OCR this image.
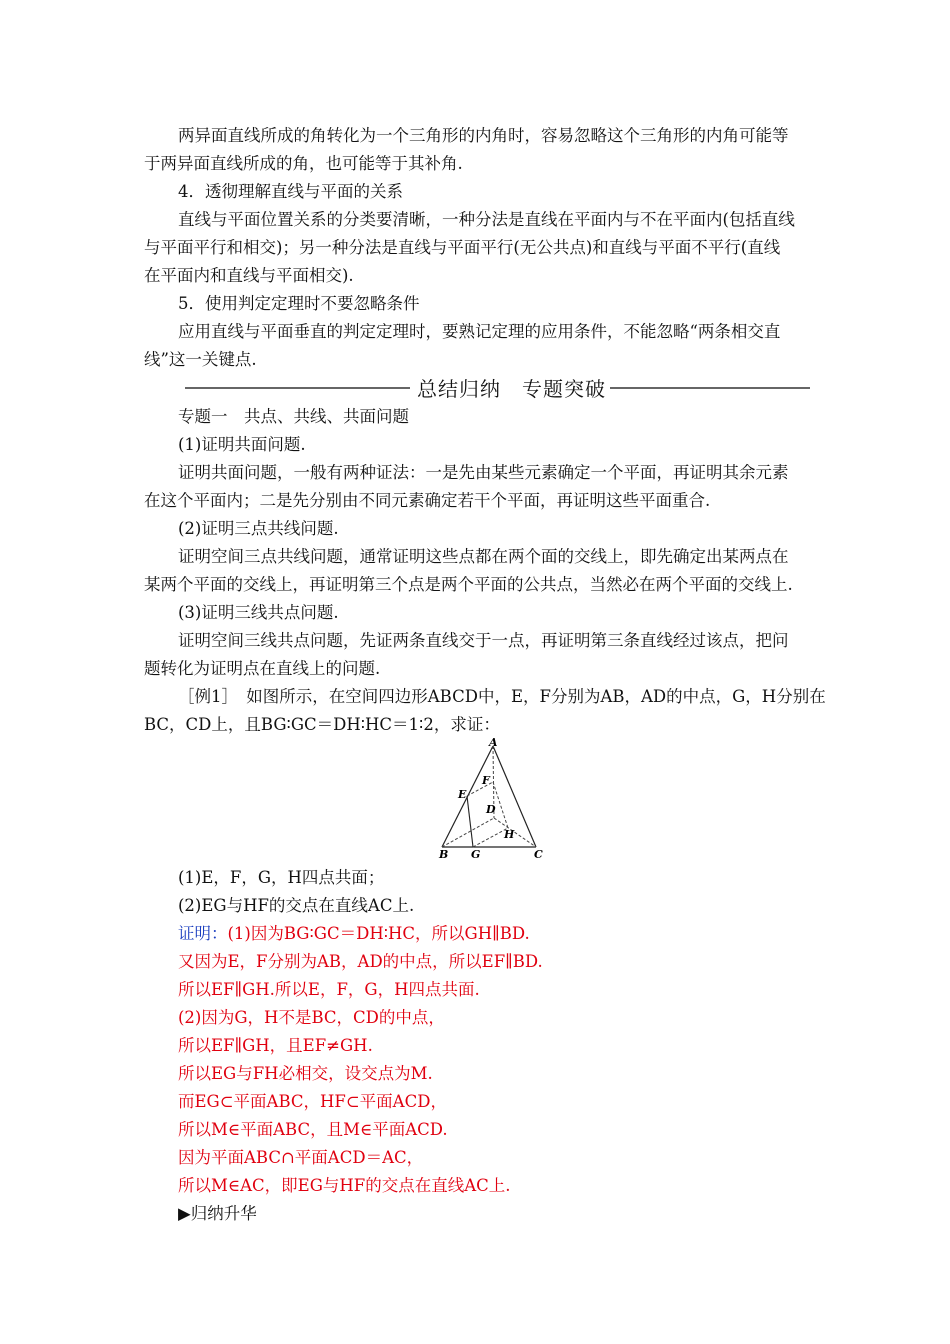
两异面直线所成的角转化为一个三角形的内角时，容易忽略这个三角形的内角可能等
于两异面直线所成的角，也可能等于其补角.
4．透彻理解直线与平面的关系
直线与平面位置关系的分类要清晰，一种分法是直线在平面内与不在平面内(包括直线
与平面平行和相交)；另一种分法是直线与平面平行(无公共点)和直线与平面不平行(直线
在平面内和直线与平面相交).
5．使用判定定理时不要忽略条件
应用直线与平面垂直的判定定理时，要熟记定理的应用条件，不能忽略“两条相交直
线”这一关键点.
总结归纳　专题突破
专题一　共点、共线、共面问题
(1)证明共面问题.
证明共面问题，一般有两种证法：一是先由某些元素确定一个平面，再证明其余元素
在这个平面内；二是先分别由不同元素确定若干个平面，再证明这些平面重合.
(2)证明三点共线问题.
证明空间三点共线问题，通常证明这些点都在两个面的交线上，即先确定出某两点在
某两个平面的交线上，再证明第三个点是两个平面的公共点，当然必在两个平面的交线上.
(3)证明三线共点问题.
证明空间三线共点问题，先证两条直线交于一点，再证明第三条直线经过该点，把问
题转化为证明点在直线上的问题.
［例1］　如图所示，在空间四边形ABCD中，E，F分别为AB，AD的中点，G，H分别在
BC，CD上，且BG∶GC＝DH∶HC＝1∶2，求证：
A
B	C
D
E
F
G
H
(1)E，F，G，H四点共面；
(2)EG与HF的交点在直线AC上.
证明：(1)因为BG∶GC＝DH∶HC，所以GH∥BD.
又因为E，F分别为AB，AD的中点，所以EF∥BD.
所以EF∥GH.所以E，F，G，H四点共面.
(2)因为G，H不是BC，CD的中点，
所以EF∥GH，且EF≠GH.
所以EG与FH必相交，设交点为M.
而EG⊂平面ABC，HF⊂平面ACD，
所以M∈平面ABC，且M∈平面ACD.
因为平面ABC∩平面ACD＝AC，
所以M∈AC，即EG与HF的交点在直线AC上.
▶归纳升华
